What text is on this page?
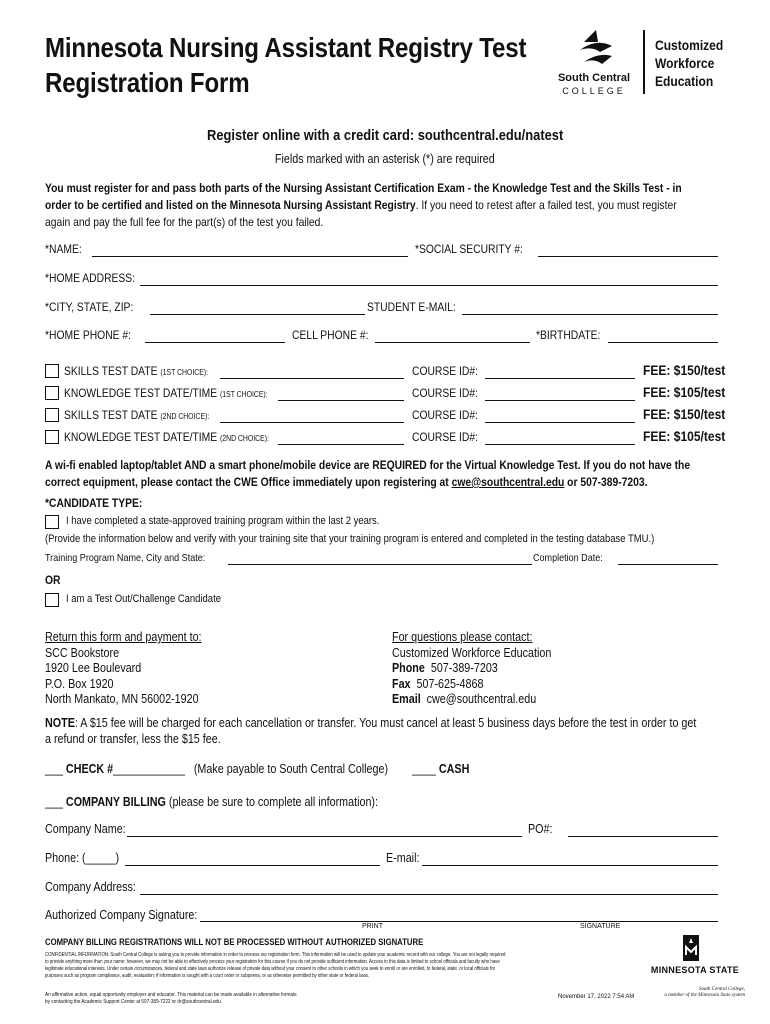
Minnesota Nursing Assistant Registry Test
Registration Form	South Central
COLLEGE
Customized
Workforce
Education
Register online with a credit card: southcentral.edu/natest
Fields marked with an asterisk (*) are required
You must register for and pass both parts of the Nursing Assistant Certification Exam - the Knowledge Test and the Skills Test - in
order to be certified and listed on the Minnesota Nursing Assistant Registry. If you need to retest after a failed test, you must register
again and pay the full fee for the part(s) of the test you failed.
*NAME:	*SOCIAL SECURITY #:
*HOME ADDRESS:
*CITY, STATE, ZIP:	STUDENT E-MAIL:
*HOME PHONE #:	CELL PHONE #:	*BIRTHDATE:
SKILLS TEST DATE (1ST CHOICE):	COURSE ID#:	FEE: $150/test
KNOWLEDGE TEST DATE/TIME (1ST CHOICE):	COURSE ID#:	FEE: $105/test
SKILLS TEST DATE (2ND CHOICE):	COURSE ID#:	FEE: $150/test
KNOWLEDGE TEST DATE/TIME (2ND CHOICE):	COURSE ID#:	FEE: $105/test
A wi-fi enabled laptop/tablet AND a smart phone/mobile device are REQUIRED for the Virtual Knowledge Test. If you do not have the
correct equipment, please contact the CWE Office immediately upon registering at cwe@southcentral.edu or 507-389-7203.
*CANDIDATE TYPE:
I have completed a state-approved training program within the last 2 years.
(Provide the information below and verify with your training site that your training program is entered and completed in the testing database TMU.)
Training Program Name, City and State:	Completion Date:
OR
I am a Test Out/Challenge Candidate
Return this form and payment to:
SCC Bookstore
1920 Lee Boulevard
P.O. Box 1920
North Mankato, MN 56002-1920
For questions please contact:
Customized Workforce Education
Phone 507-389-7203
Fax 507-625-4868
Email cwe@southcentral.edu
NOTE: A $15 fee will be charged for each cancellation or transfer. You must cancel at least 5 business days before the test in order to get
a refund or transfer, less the $15 fee.
___ CHECK #____________ (Make payable to South Central College) ____ CASH
___ COMPANY BILLING (please be sure to complete all information):
Company Name:	PO#:
Phone: (_____)	E-mail:
Company Address:
Authorized Company Signature:
PRINT	SIGNATURE
COMPANY BILLING REGISTRATIONS WILL NOT BE PROCESSED WITHOUT AUTHORIZED SIGNATURE
CONFIDENTIAL INFORMATION: South Central College is asking you to provide information in order to process our registration form. This information will be used to update your academic record with our college. You are not legally required
to provide anything more than your name; however, we may not be able to effectively process your registration for this course if you do not provide sufficient information. Access to this data is limited to school officials and faculty who have
legitimate educational interests. Under certain circumstances, federal and state laws authorize release of private data without your consent to other schools in which you seek to enroll or are enrolled, to federal, state, or local officials for
purposes such as program compliance, audit, evaluation; if information is sought with a court order or subpoena; or as otherwise permitted by other state or federal laws.
An affirmative action, equal opportunity employer and educator. This material can be made available in alternative formats
by contacting the Academic Support Center at 507-389-7222 or dr@southcentral.edu.
November 17, 2022 7:54 AM
MINNESOTA STATE
South Central College,
a member of the Minnesota State system
